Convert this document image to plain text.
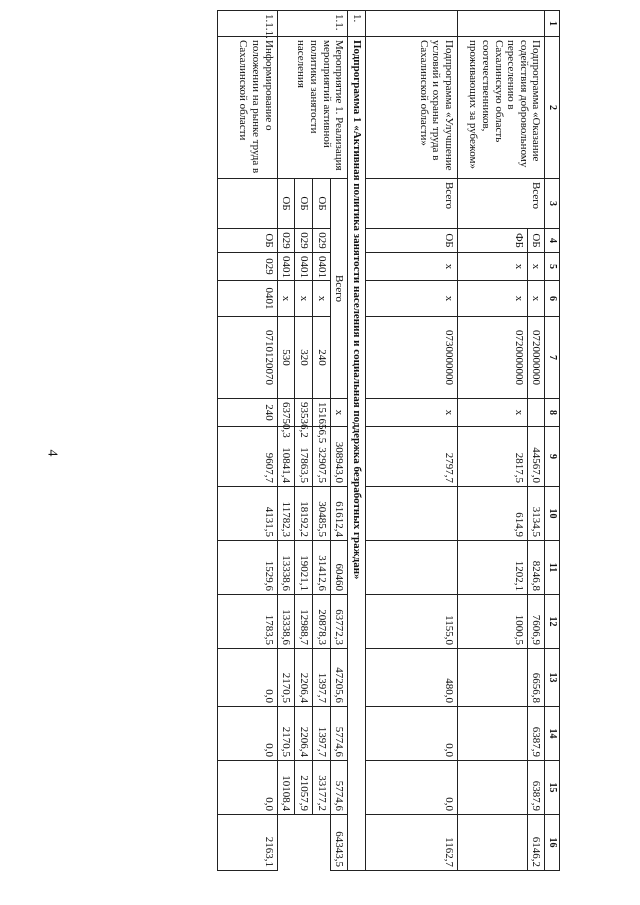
4
1	2	3	4	5	6	7	8	9	10	11	12	13	14	15	16
	Подпрограмма «Оказание содействия добровольному переселению в Сахалинскую область соотечественников, проживающих за рубежом»	Всего	ОБ	x	x	0720000000		44567,0	3134,5	8246,8	7606,9	6656,8	6387,9	6387,9	6146,2
			ФБ	x	x	0720000000	x	2817,5	614,9	1202,1	1000,5				
	Подпрограмма «Улучшение условий и охраны труда в Сахалинской области»	Всего	ОБ	x	x	0730000000	x	2797,7			1155,0	480,0	0,0	0,0	1162,7
1.	Подпрограмма 1 «Активная политика занятости населения и социальная поддержка безработных граждан»														
1.1.	Мероприятие 1. Реализация мероприятий активной политики занятости населения	Всего					x	308943,0	61612,4	60460	63772,3	47205,6	5774,6	5774,6	64343,5
		ОБ	029	0401	x	240	151656,5	32907,5	30485,5	31412,6	20878,3	1397,7	1397,7	33177,2	
		ОБ	029	0401	x	320	93536,2	17863,5	18192,2	19021,1	12988,7	2206,4	2206,4	21057,9	
		ОБ	029	0401	x	530	63750,3	10841,4	11782,3	13338,6	13338,6	2170,5	2170,5	10108,4	
1.1.1.	Информирование о положении на рынке труда в Сахалинской области		ОБ	029	0401	0710120070	240	9607,7	4131,5	1529,6	1783,5	0,0	0,0	0,0	2163,1
